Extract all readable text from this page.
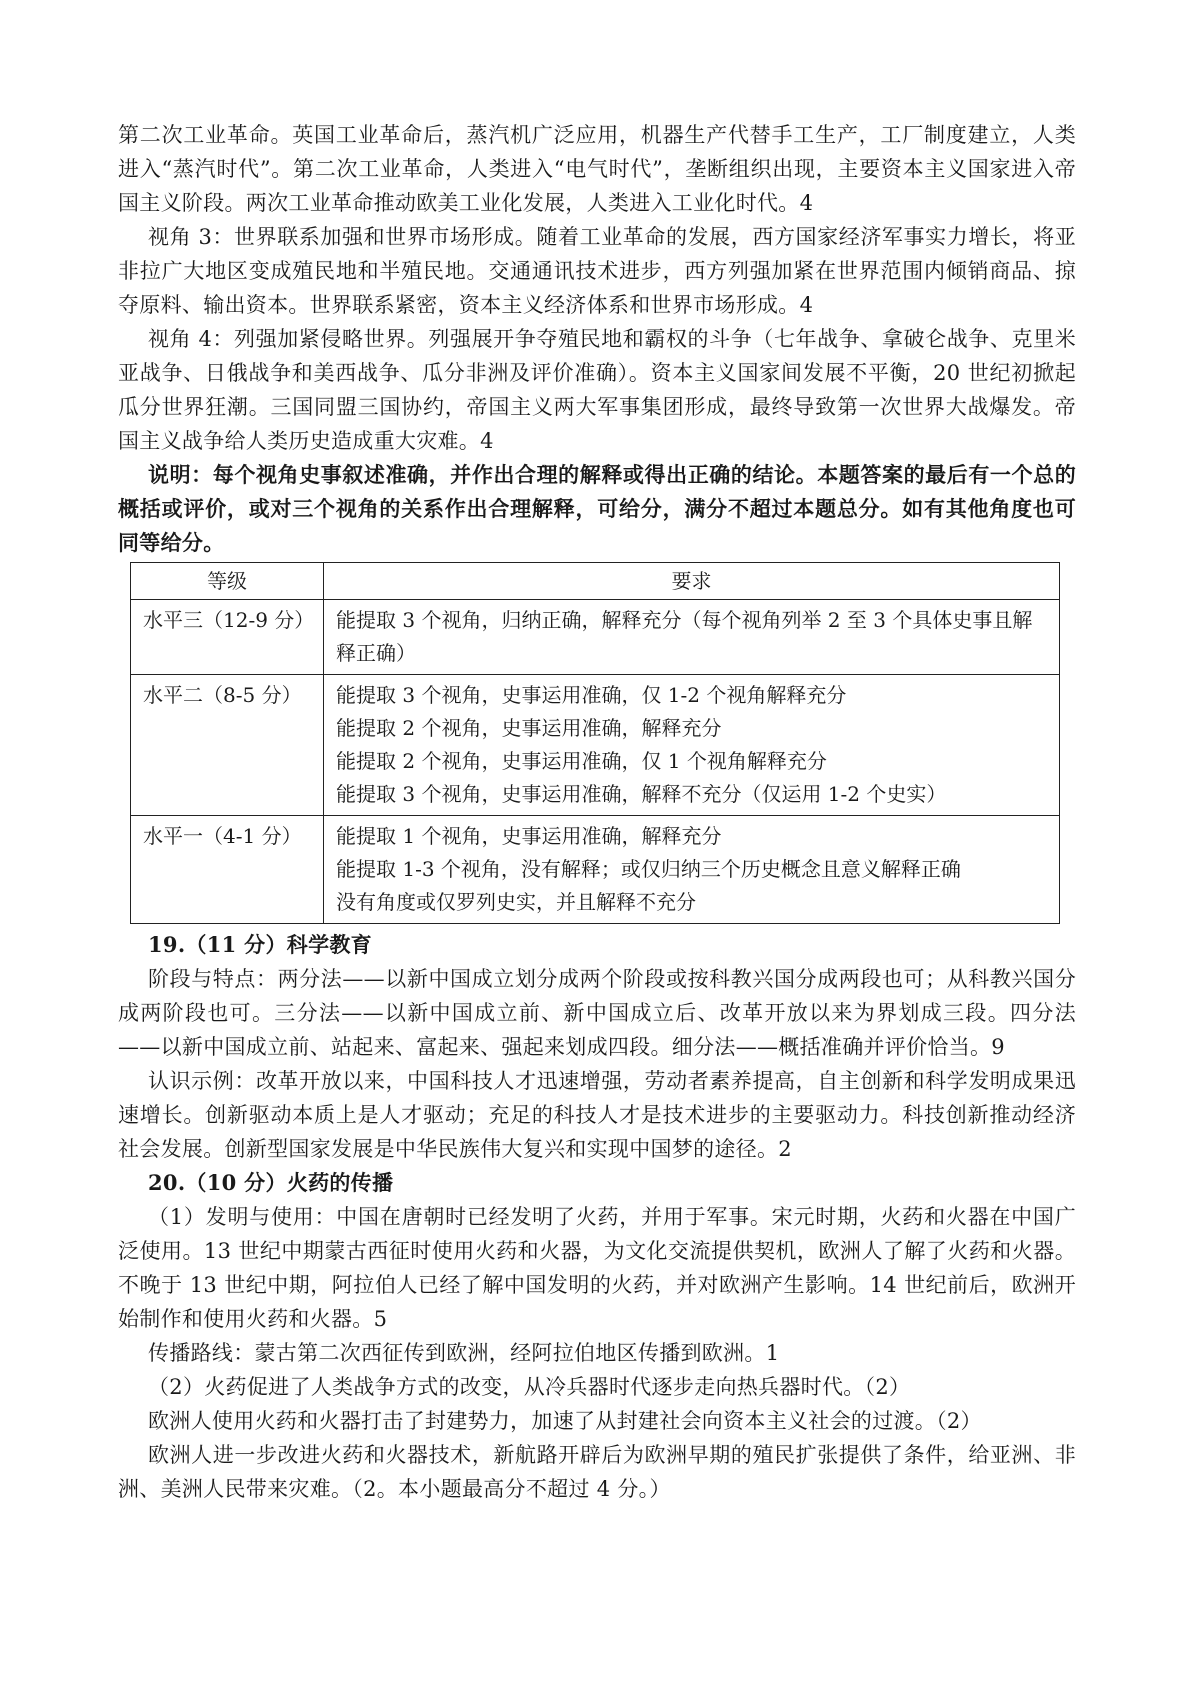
第二次工业革命。英国工业革命后，蒸汽机广泛应用，机器生产代替手工生产，工厂制度建立，人类进入“蒸汽时代”。第二次工业革命，人类进入“电气时代”，垄断组织出现，主要资本主义国家进入帝国主义阶段。两次工业革命推动欧美工业化发展，人类进入工业化时代。4

视角 3：世界联系加强和世界市场形成。随着工业革命的发展，西方国家经济军事实力增长，将亚非拉广大地区变成殖民地和半殖民地。交通通讯技术进步，西方列强加紧在世界范围内倾销商品、掠夺原料、输出资本。世界联系紧密，资本主义经济体系和世界市场形成。4

视角 4：列强加紧侵略世界。列强展开争夺殖民地和霸权的斗争（七年战争、拿破仑战争、克里米亚战争、日俄战争和美西战争、瓜分非洲及评价准确）。资本主义国家间发展不平衡，20 世纪初掀起瓜分世界狂潮。三国同盟三国协约，帝国主义两大军事集团形成，最终导致第一次世界大战爆发。帝国主义战争给人类历史造成重大灾难。4

说明：每个视角史事叙述准确，并作出合理的解释或得出正确的结论。本题答案的最后有一个总的概括或评价，或对三个视角的关系作出合理解释，可给分，满分不超过本题总分。如有其他角度也可同等给分。

等级	要求
水平三（12-9 分）	能提取 3 个视角，归纳正确，解释充分（每个视角列举 2 至 3 个具体史事且解释正确）

水平二（8-5 分）	能提取 3 个视角，史事运用准确，仅 1-2 个视角解释充分
能提取 2 个视角，史事运用准确，解释充分
能提取 2 个视角，史事运用准确，仅 1 个视角解释充分
能提取 3 个视角，史事运用准确，解释不充分（仅运用 1-2 个史实）

水平一（4-1 分）	能提取 1 个视角，史事运用准确，解释充分
能提取 1-3 个视角，没有解释；或仅归纳三个历史概念且意义解释正确
没有角度或仅罗列史实，并且解释不充分

19.（11 分）科学教育

阶段与特点：两分法——以新中国成立划分成两个阶段或按科教兴国分成两段也可；从科教兴国分成两阶段也可。三分法——以新中国成立前、新中国成立后、改革开放以来为界划成三段。四分法——以新中国成立前、站起来、富起来、强起来划成四段。细分法——概括准确并评价恰当。9

认识示例：改革开放以来，中国科技人才迅速增强，劳动者素养提高，自主创新和科学发明成果迅速增长。创新驱动本质上是人才驱动；充足的科技人才是技术进步的主要驱动力。科技创新推动经济社会发展。创新型国家发展是中华民族伟大复兴和实现中国梦的途径。2

20.（10 分）火药的传播

（1）发明与使用：中国在唐朝时已经发明了火药，并用于军事。宋元时期，火药和火器在中国广泛使用。13 世纪中期蒙古西征时使用火药和火器，为文化交流提供契机，欧洲人了解了火药和火器。不晚于 13 世纪中期，阿拉伯人已经了解中国发明的火药，并对欧洲产生影响。14 世纪前后，欧洲开始制作和使用火药和火器。5

传播路线：蒙古第二次西征传到欧洲，经阿拉伯地区传播到欧洲。1

（2）火药促进了人类战争方式的改变，从冷兵器时代逐步走向热兵器时代。（2）

欧洲人使用火药和火器打击了封建势力，加速了从封建社会向资本主义社会的过渡。（2）

欧洲人进一步改进火药和火器技术，新航路开辟后为欧洲早期的殖民扩张提供了条件，给亚洲、非洲、美洲人民带来灾难。（2。本小题最高分不超过 4 分。）
